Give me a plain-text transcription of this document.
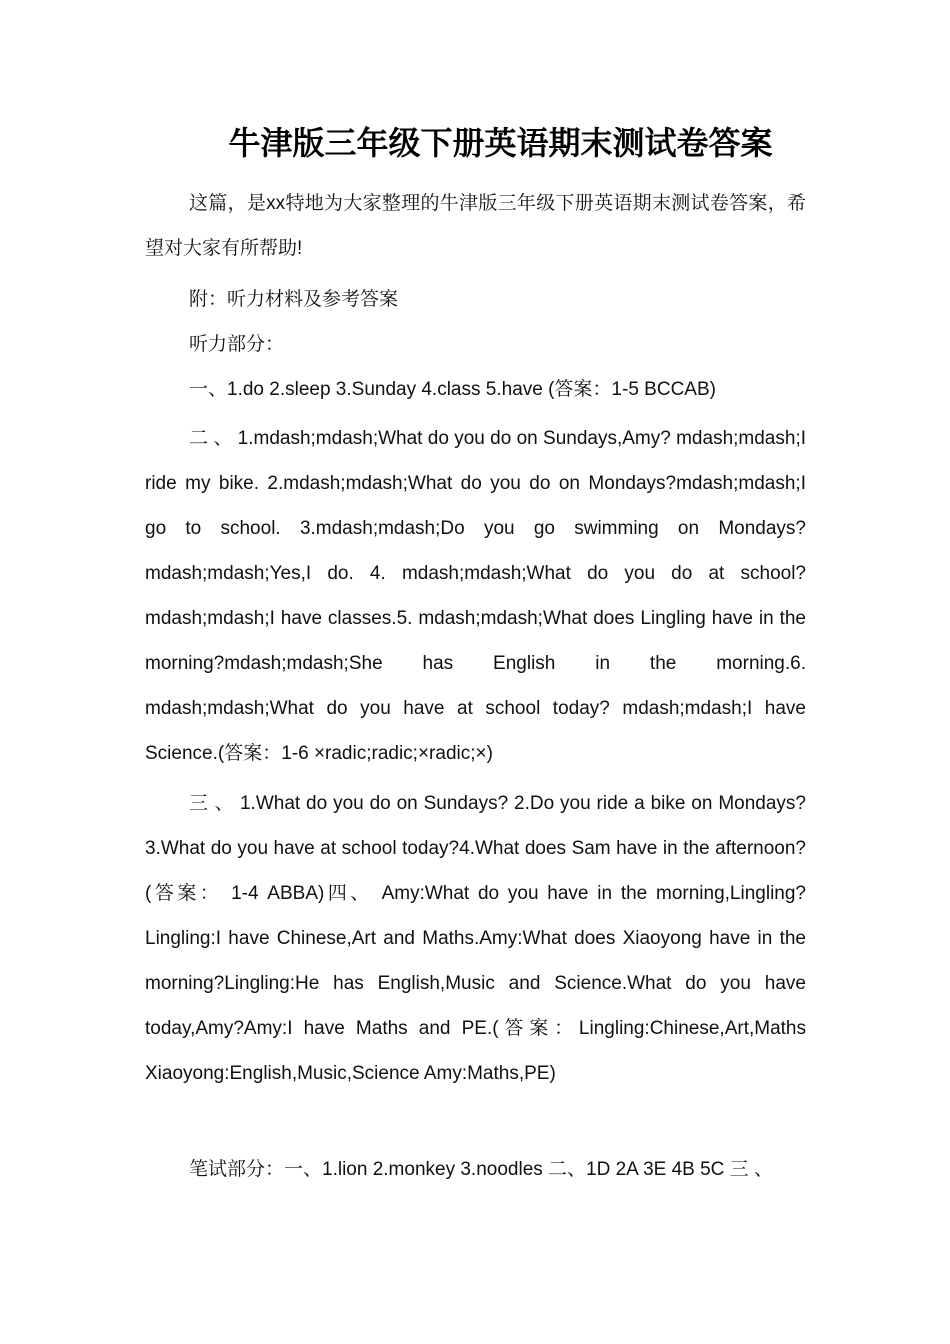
牛津版三年级下册英语期末测试卷答案

这篇，是xx特地为大家整理的牛津版三年级下册英语期末测试卷答案，希望对大家有所帮助!

附：听力材料及参考答案

听力部分：

一、1.do 2.sleep 3.Sunday 4.class 5.have (答案：1-5 BCCAB)

二 、 1.mdash;mdash;What do you do on Sundays,Amy? mdash;mdash;I ride my bike. 2.mdash;mdash;What do you do on Mondays?mdash;mdash;I go to school. 3.mdash;mdash;Do you go swimming on Mondays?mdash;mdash;Yes,I do. 4. mdash;mdash;What do you do at school?mdash;mdash;I have classes.5. mdash;mdash;What does Lingling have in the morning?mdash;mdash;She has English in the morning.6. mdash;mdash;What do you have at school today? mdash;mdash;I have Science.(答案：1-6 ×radic;radic;×radic;×)

三 、 1.What do you do on Sundays? 2.Do you ride a bike on Mondays? 3.What do you have at school today?4.What does Sam have in the afternoon?(答案： 1-4 ABBA)四、 Amy:What do you have in the morning,Lingling?Lingling:I have Chinese,Art and Maths.Amy:What does Xiaoyong have in the morning?Lingling:He has English,Music and Science.What do you have today,Amy?Amy:I have Maths and PE.(答案：Lingling:Chinese,Art,Maths Xiaoyong:English,Music,Science Amy:Maths,PE)

笔试部分：一、1.lion 2.monkey 3.noodles 二、1D 2A 3E 4B 5C 三 、
